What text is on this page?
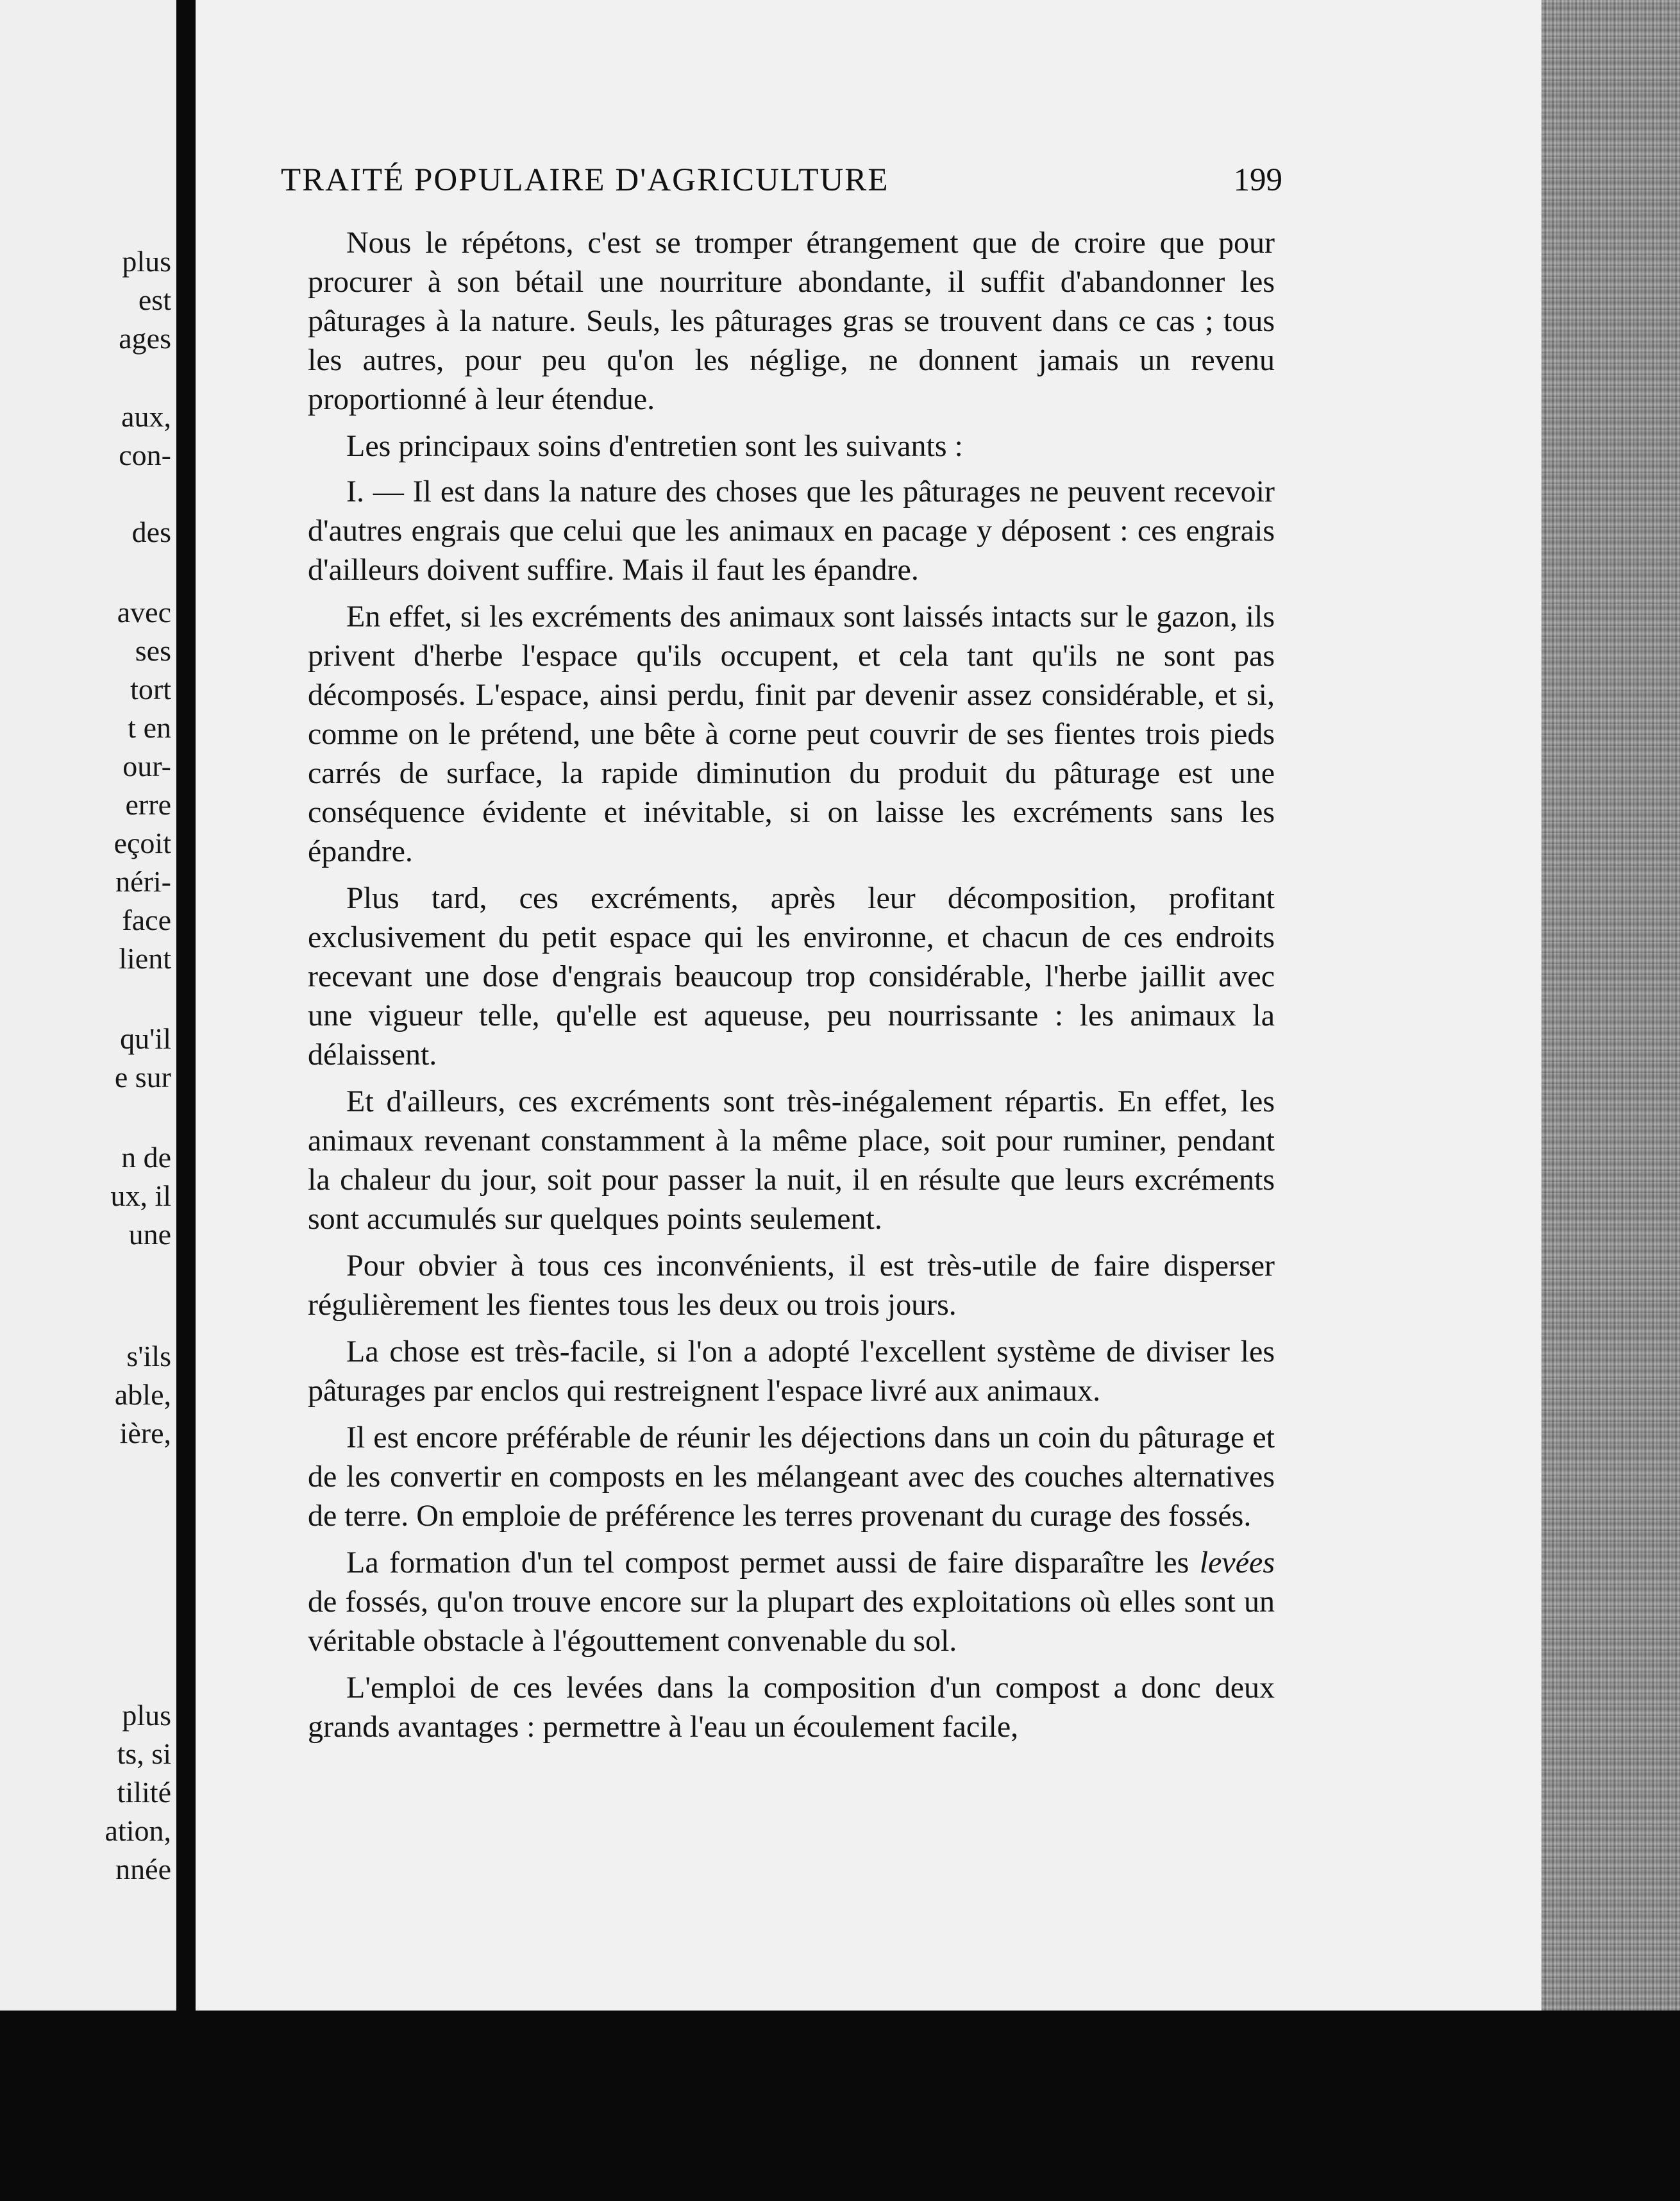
plus
est
ages
aux,
con-
des
avec
ses
tort
t en
our-
erre
eçoit
néri-
face
lient
qu'il
e sur
n de
ux, il
une
s'ils
able,
ière,
plus
ts, si
tilité
ation,
nnée
TRAITÉ POPULAIRE D'AGRICULTURE	199

Nous le répétons, c'est se tromper étrangement que de croire que pour procurer à son bétail une nourriture abondante, il suffit d'abandonner les pâturages à la nature. Seuls, les pâturages gras se trouvent dans ce cas ; tous les autres, pour peu qu'on les néglige, ne donnent jamais un revenu proportionné à leur étendue.

Les principaux soins d'entretien sont les suivants :

I. — Il est dans la nature des choses que les pâturages ne peuvent recevoir d'autres engrais que celui que les animaux en pacage y déposent : ces engrais d'ailleurs doivent suffire. Mais il faut les épandre.

En effet, si les excréments des animaux sont laissés intacts sur le gazon, ils privent d'herbe l'espace qu'ils occupent, et cela tant qu'ils ne sont pas décomposés. L'espace, ainsi perdu, finit par devenir assez considérable, et si, comme on le prétend, une bête à corne peut couvrir de ses fientes trois pieds carrés de surface, la rapide diminution du produit du pâturage est une conséquence évidente et inévitable, si on laisse les excréments sans les épandre.

Plus tard, ces excréments, après leur décomposition, profitant exclusivement du petit espace qui les environne, et chacun de ces endroits recevant une dose d'engrais beaucoup trop considérable, l'herbe jaillit avec une vigueur telle, qu'elle est aqueuse, peu nourrissante : les animaux la délaissent.

Et d'ailleurs, ces excréments sont très-inégalement répartis. En effet, les animaux revenant constamment à la même place, soit pour ruminer, pendant la chaleur du jour, soit pour passer la nuit, il en résulte que leurs excréments sont accumulés sur quelques points seulement.

Pour obvier à tous ces inconvénients, il est très-utile de faire disperser régulièrement les fientes tous les deux ou trois jours.

La chose est très-facile, si l'on a adopté l'excellent système de diviser les pâturages par enclos qui restreignent l'espace livré aux animaux.

Il est encore préférable de réunir les déjections dans un coin du pâturage et de les convertir en composts en les mélangeant avec des couches alternatives de terre. On emploie de préférence les terres provenant du curage des fossés.

La formation d'un tel compost permet aussi de faire disparaître les levées de fossés, qu'on trouve encore sur la plupart des exploitations où elles sont un véritable obstacle à l'égouttement convenable du sol.

L'emploi de ces levées dans la composition d'un compost a donc deux grands avantages : permettre à l'eau un écoulement facile,
